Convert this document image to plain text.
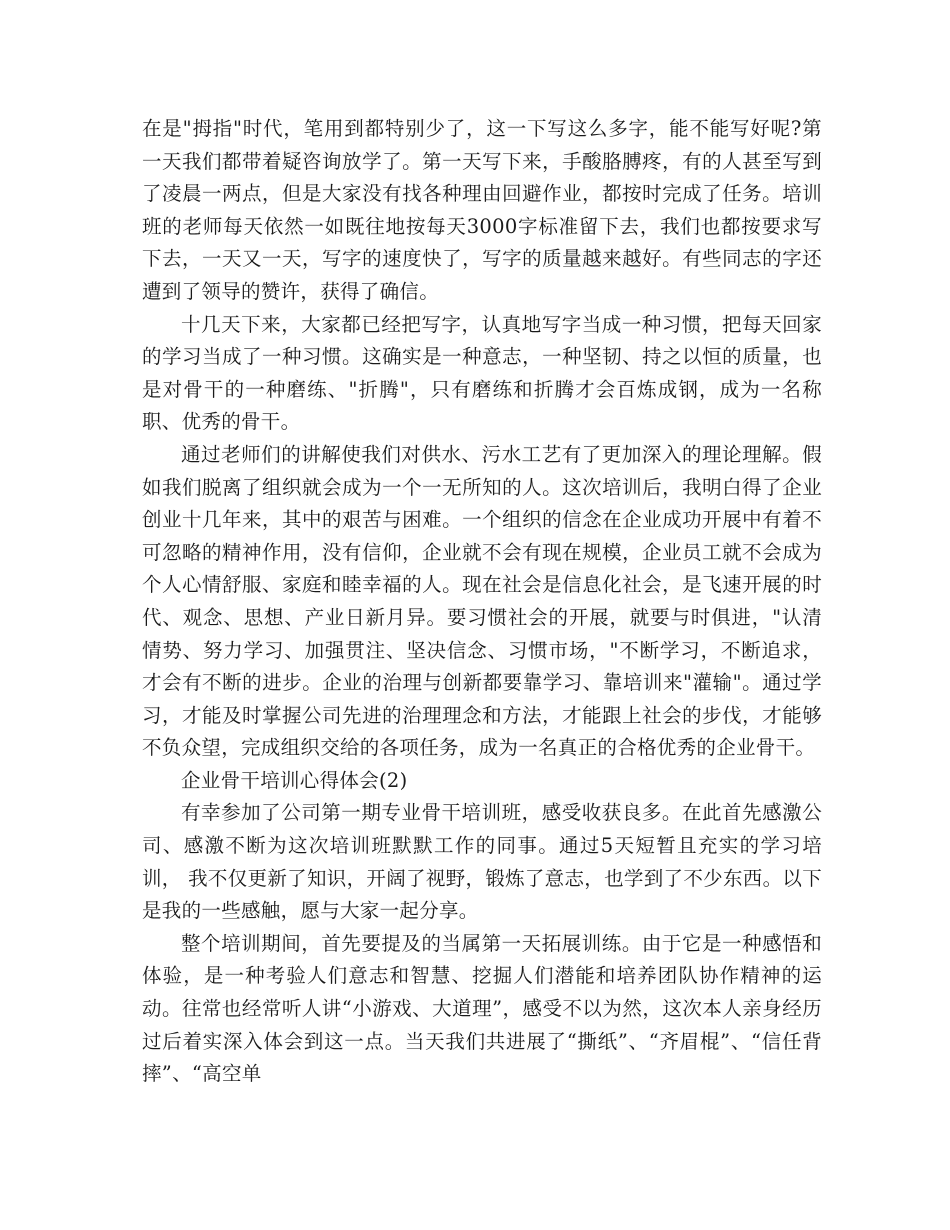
在是"拇指"时代，笔用到都特别少了，这一下写这么多字，能不能写好呢?第一天我们都带着疑咨询放学了。第一天写下来，手酸胳膊疼，有的人甚至写到了凌晨一两点，但是大家没有找各种理由回避作业，都按时完成了任务。培训班的老师每天依然一如既往地按每天3000字标准留下去，我们也都按要求写下去，一天又一天，写字的速度快了，写字的质量越来越好。有些同志的字还遭到了领导的赞许，获得了确信。

十几天下来，大家都已经把写字，认真地写字当成一种习惯，把每天回家的学习当成了一种习惯。这确实是一种意志，一种坚韧、持之以恒的质量，也是对骨干的一种磨练、"折腾"，只有磨练和折腾才会百炼成钢，成为一名称职、优秀的骨干。

通过老师们的讲解使我们对供水、污水工艺有了更加深入的理论理解。假如我们脱离了组织就会成为一个一无所知的人。这次培训后，我明白得了企业创业十几年来，其中的艰苦与困难。一个组织的信念在企业成功开展中有着不可忽略的精神作用，没有信仰，企业就不会有现在规模，企业员工就不会成为个人心情舒服、家庭和睦幸福的人。现在社会是信息化社会，是飞速开展的时代、观念、思想、产业日新月异。要习惯社会的开展，就要与时俱进，"认清情势、努力学习、加强贯注、坚决信念、习惯市场，"不断学习，不断追求，才会有不断的进步。企业的治理与创新都要靠学习、靠培训来"灌输"。通过学习，才能及时掌握公司先进的治理理念和方法，才能跟上社会的步伐，才能够不负众望，完成组织交给的各项任务，成为一名真正的合格优秀的企业骨干。

企业骨干培训心得体会(2)

有幸参加了公司第一期专业骨干培训班，感受收获良多。在此首先感激公司、感激不断为这次培训班默默工作的同事。通过5天短暂且充实的学习培训， 我不仅更新了知识，开阔了视野，锻炼了意志，也学到了不少东西。以下是我的一些感触，愿与大家一起分享。

整个培训期间，首先要提及的当属第一天拓展训练。由于它是一种感悟和体验，是一种考验人们意志和智慧、挖掘人们潜能和培养团队协作精神的运动。往常也经常听人讲“小游戏、大道理”，感受不以为然，这次本人亲身经历过后着实深入体会到这一点。当天我们共进展了“撕纸”、“齐眉棍”、“信任背摔”、“高空单
